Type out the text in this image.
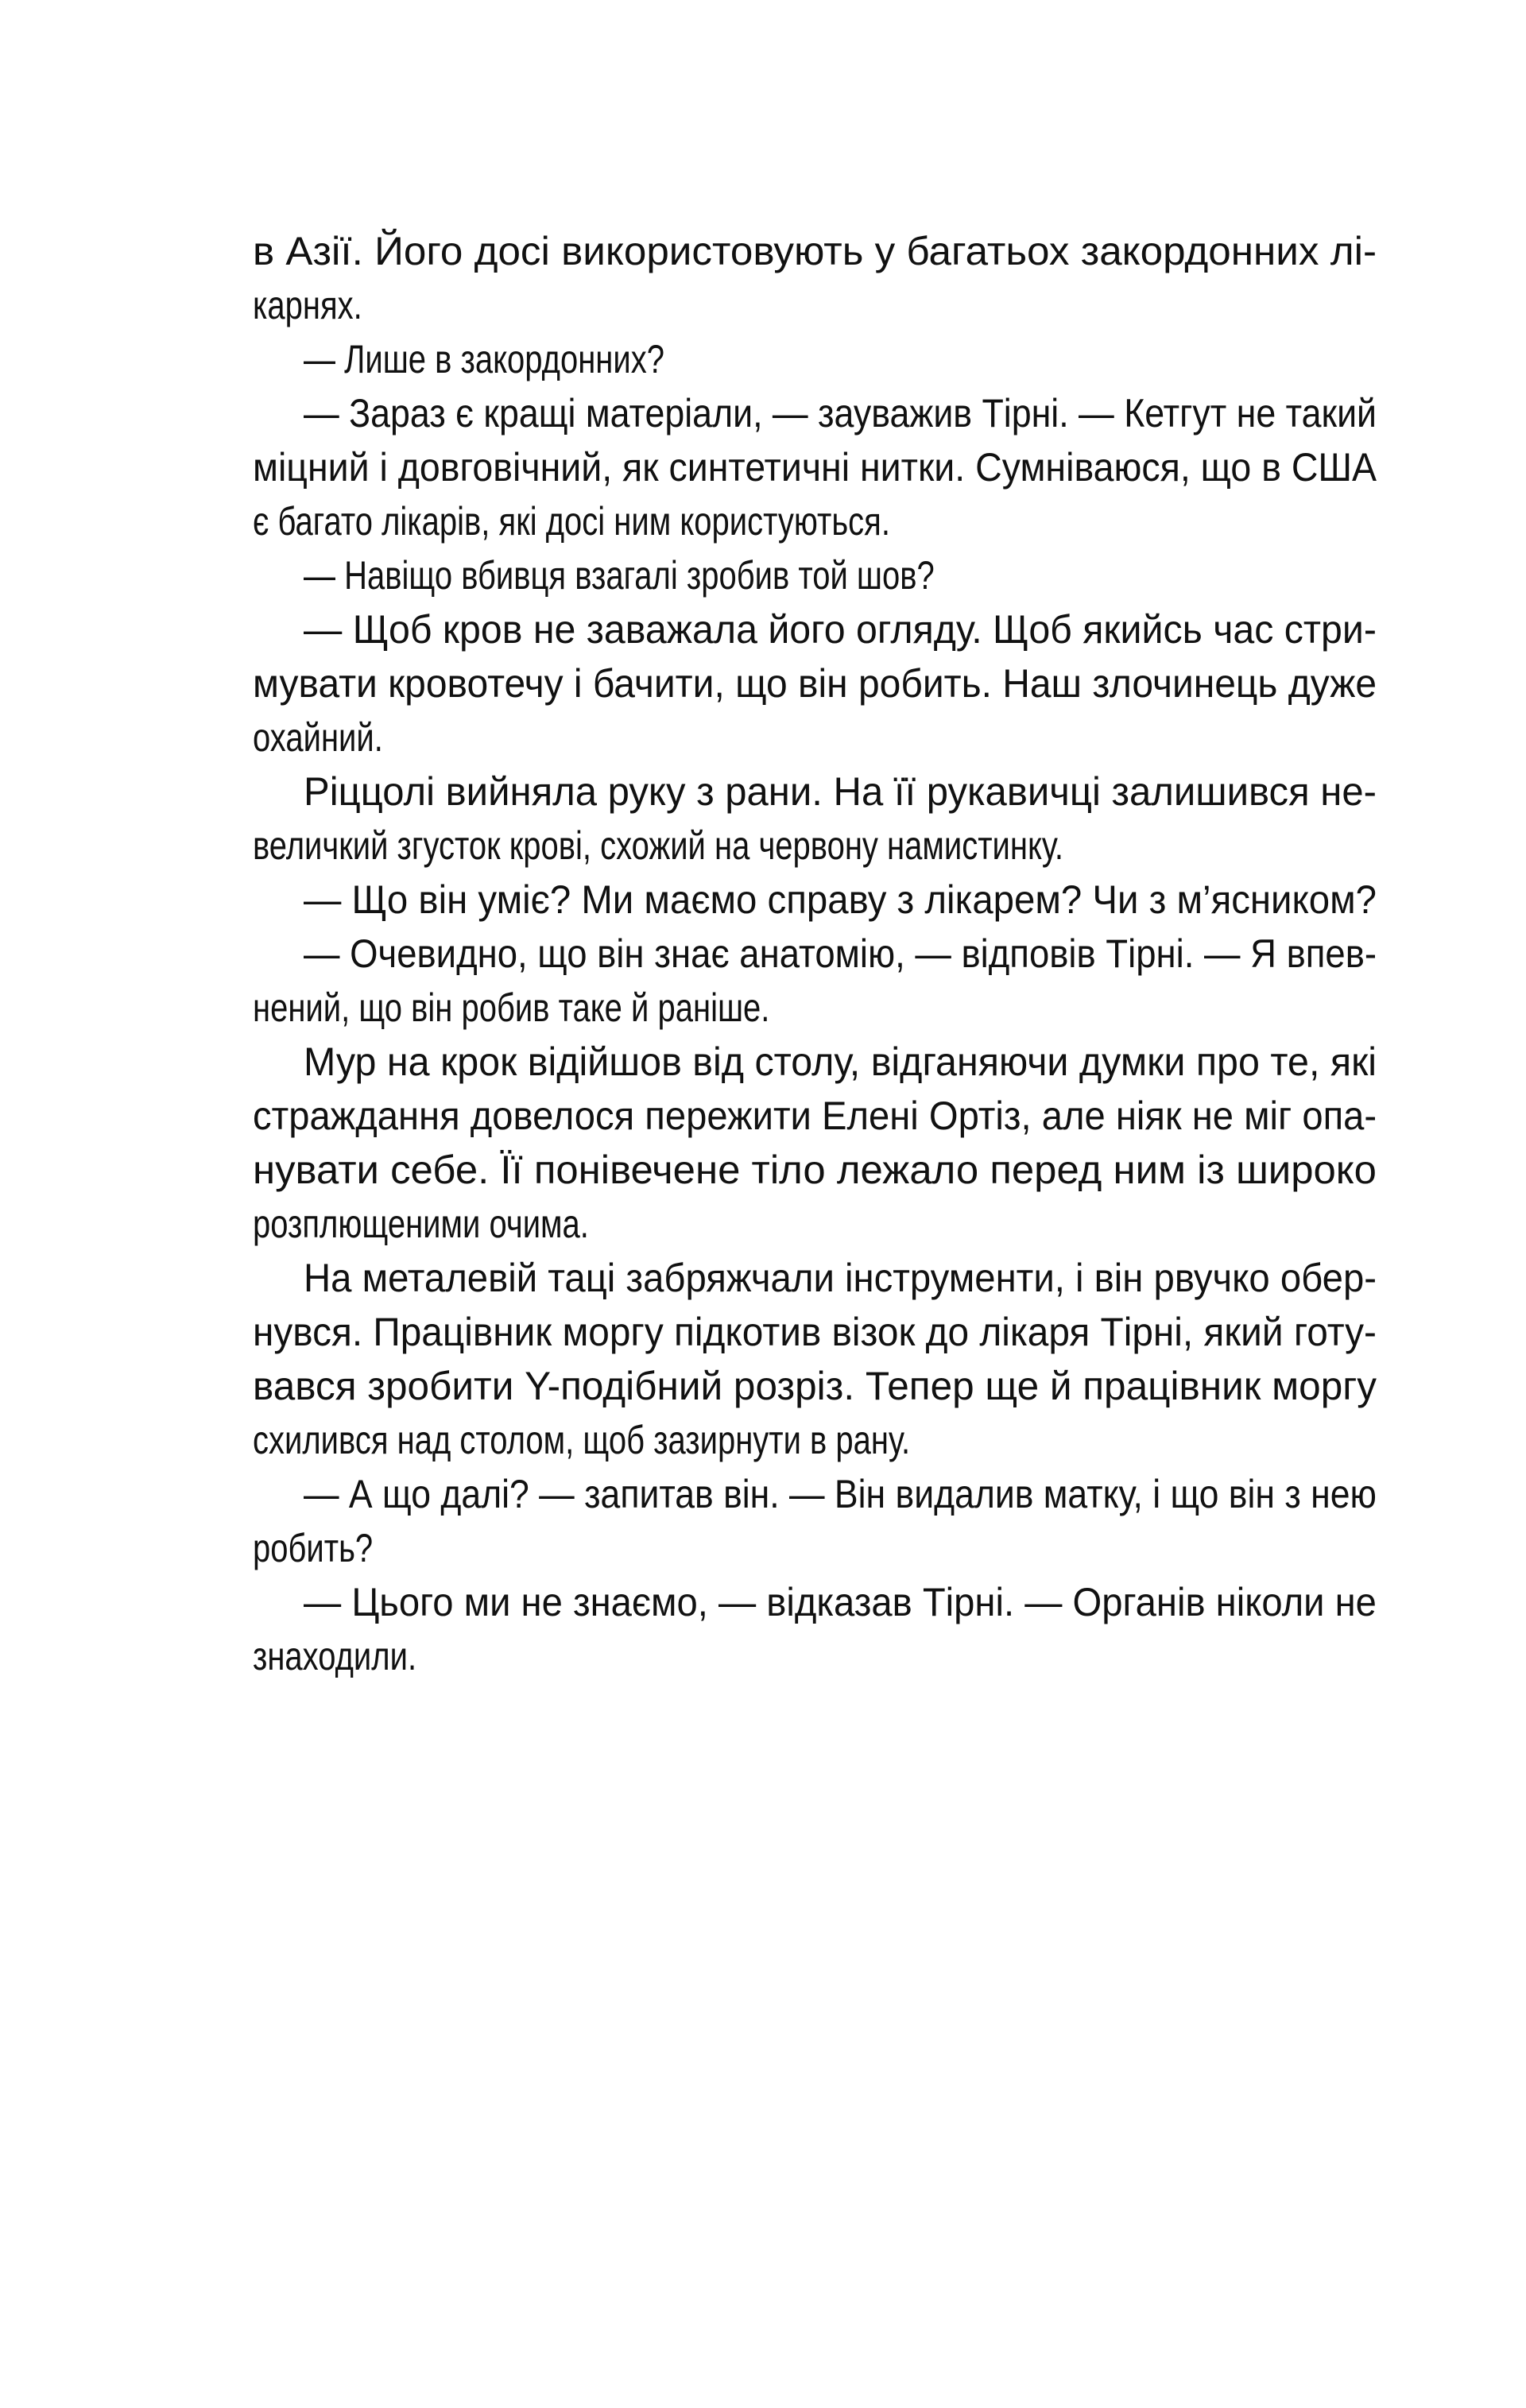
в Азії. Його досі використовують у багатьох закордонних лі-
карнях.
— Лише в закордонних?
— Зараз є кращі матеріали, — зауважив Тірні. — Кетгут не такий
міцний і довговічний, як синтетичні нитки. Сумніваюся, що в США
є багато лікарів, які досі ним користуються.
— Навіщо вбивця взагалі зробив той шов?
— Щоб кров не заважала його огляду. Щоб якийсь час стри-
мувати кровотечу і бачити, що він робить. Наш злочинець дуже
охайний.
Ріццолі вийняла руку з рани. На її рукавичці залишився не-
величкий згусток крові, схожий на червону намистинку.
— Що він уміє? Ми маємо справу з лікарем? Чи з м’ясником?
— Очевидно, що він знає анатомію, — відповів Тірні. — Я впев-
нений, що він робив таке й раніше.
Мур на крок відійшов від столу, відганяючи думки про те, які
страждання довелося пережити Елені Ортіз, але ніяк не міг опа-
нувати себе. Її понівечене тіло лежало перед ним із широко
розплющеними очима.
На металевій таці забряжчали інструменти, і він рвучко обер-
нувся. Працівник моргу підкотив візок до лікаря Тірні, який готу-
вався зробити Y-подібний розріз. Тепер ще й працівник моргу
схилився над столом, щоб зазирнути в рану.
— А що далі? — запитав він. — Він видалив матку, і що він з нею
робить?
— Цього ми не знаємо, — відказав Тірні. — Органів ніколи не
знаходили.
